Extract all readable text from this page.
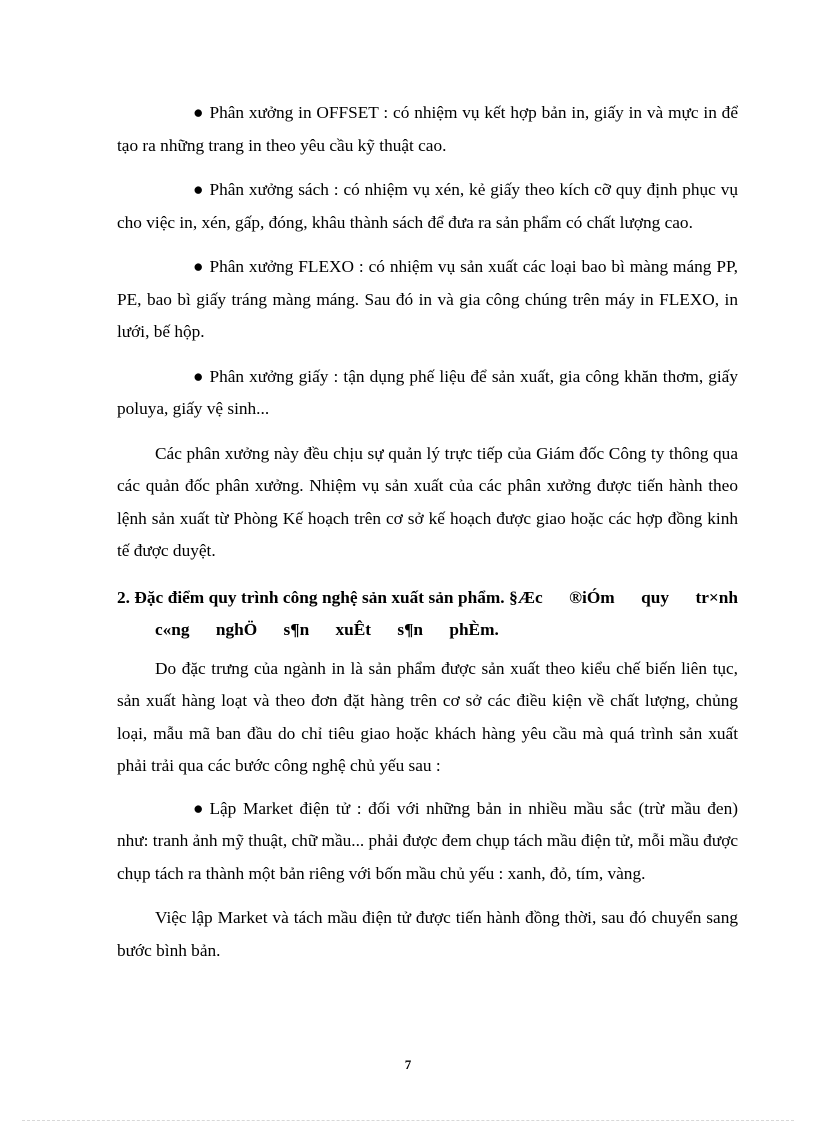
● Phân xưởng in OFFSET : có nhiệm vụ kết hợp bản in, giấy in và mực in để tạo ra những trang in theo yêu cầu kỹ thuật cao.

● Phân xưởng sách : có nhiệm vụ xén, kẻ giấy theo kích cỡ quy định phục vụ cho việc in, xén, gấp, đóng, khâu thành sách để đưa ra sản phẩm có chất lượng cao.

● Phân xưởng FLEXO : có nhiệm vụ sản xuất các loại bao bì màng máng PP, PE, bao bì giấy tráng màng máng. Sau đó in và gia công chúng trên máy in FLEXO, in lưới, bế hộp.

● Phân xưởng giấy : tận dụng phế liệu để sản xuất, gia công khăn thơm, giấy poluya, giấy vệ sinh...

Các phân xưởng này đều chịu sự quản lý trực tiếp của Giám đốc Công ty thông qua các quản đốc phân xưởng. Nhiệm vụ sản xuất của các phân xưởng được tiến hành theo lệnh sản xuất từ Phòng Kế hoạch trên cơ sở kế hoạch được giao hoặc các hợp đồng kinh tế được duyệt.

2. Đặc điểm quy trình công nghệ sản xuất sản phẩm. §Æc ®iÓm quy tr×nh c«ng nghÖ s¶n xuÊt s¶n phÈm.

Do đặc trưng của ngành in là sản phẩm được sản xuất theo kiểu chế biến liên tục, sản xuất hàng loạt và theo đơn đặt hàng trên cơ sở các điều kiện về chất lượng, chủng loại, mẫu mã ban đầu do chỉ tiêu giao hoặc khách hàng yêu cầu mà quá trình sản xuất phải trải qua các bước công nghệ chủ yếu sau :

● Lập Market điện tử : đối với những bản in nhiều mầu sắc (trừ mầu đen) như: tranh ảnh mỹ thuật, chữ mầu... phải được đem chụp tách mầu điện tử, mỗi mầu được chụp tách ra thành một bản riêng với bốn mầu chủ yếu : xanh, đỏ, tím, vàng.

Việc lập Market và tách mầu điện tử được tiến hành đồng thời, sau đó chuyển sang bước bình bản.

7
